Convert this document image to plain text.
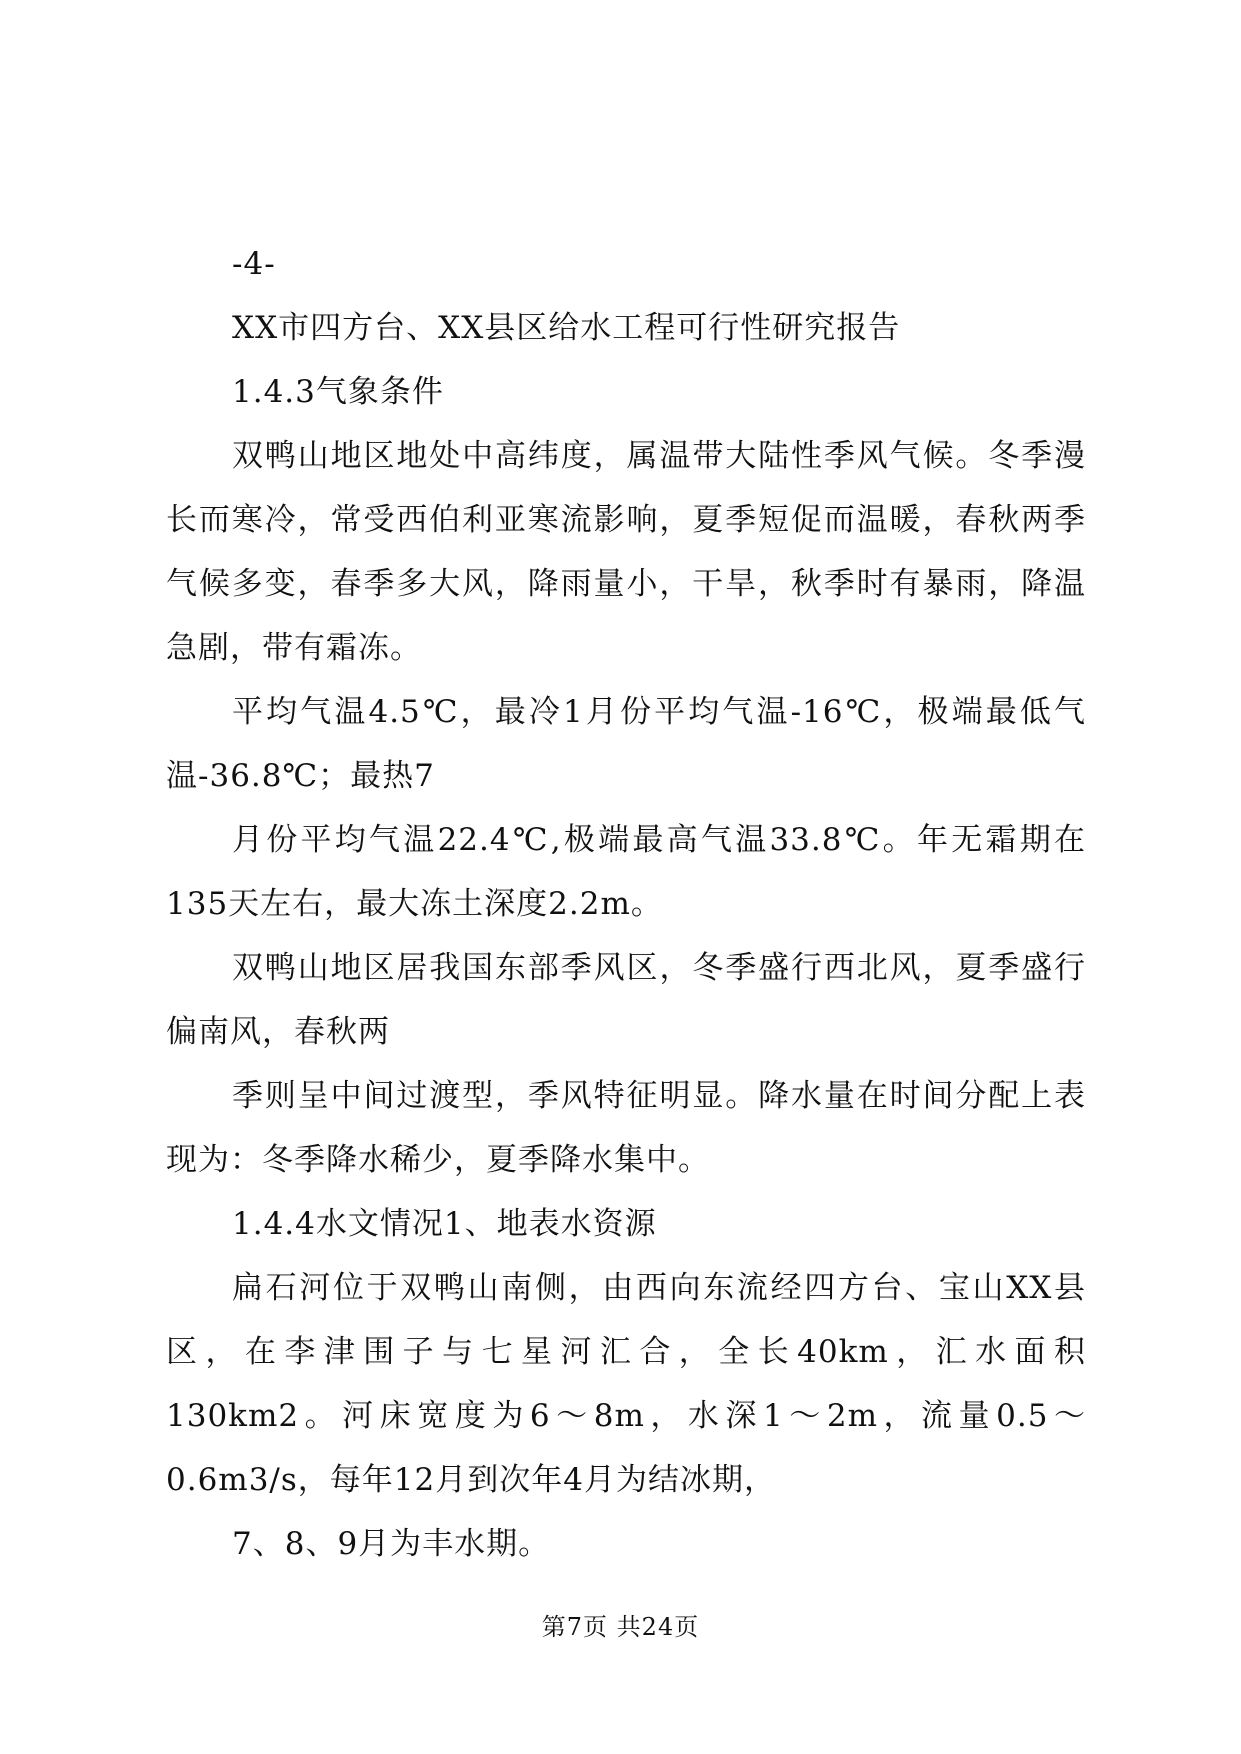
-4-

XX市四方台、XX县区给水工程可行性研究报告

1.4.3气象条件

双鸭山地区地处中高纬度，属温带大陆性季风气候。冬季漫长而寒冷，常受西伯利亚寒流影响，夏季短促而温暖，春秋两季气候多变，春季多大风，降雨量小，干旱，秋季时有暴雨，降温急剧，带有霜冻。

平均气温4.5℃，最冷1月份平均气温-16℃，极端最低气温-36.8℃；最热7

月份平均气温22.4℃,极端最高气温33.8℃。年无霜期在135天左右，最大冻土深度2.2m。

双鸭山地区居我国东部季风区，冬季盛行西北风，夏季盛行偏南风，春秋两

季则呈中间过渡型，季风特征明显。降水量在时间分配上表现为：冬季降水稀少，夏季降水集中。

1.4.4水文情况1、地表水资源

扁石河位于双鸭山南侧，由西向东流经四方台、宝山XX县区，在李津围子与七星河汇合，全长40km，汇水面积130km2。河床宽度为6～8m，水深1～2m，流量0.5～0.6m3/s，每年12月到次年4月为结冰期，

7、8、9月为丰水期。

第7页 共24页
